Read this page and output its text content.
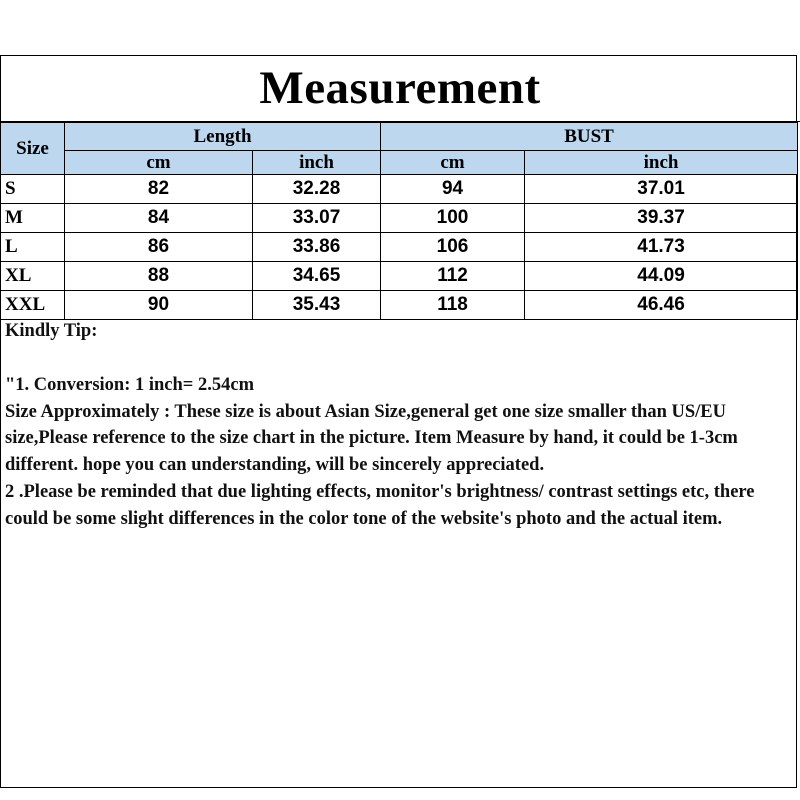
Measurement
Size	Length		BUST	
	cm	inch	cm	inch
S	82	32.28	94	37.01
M	84	33.07	100	39.37
L	86	33.86	106	41.73
XL	88	34.65	112	44.09
XXL	90	35.43	118	46.46

Kindly Tip:

"1. Conversion: 1 inch= 2.54cm

Size Approximately : These size is about Asian Size,general get one size smaller than US/EU size,Please reference to the size chart in the picture. Item Measure by hand, it could be 1-3cm different. hope you can understanding, will be sincerely appreciated.

2 .Please be reminded that due lighting effects, monitor's brightness/ contrast settings etc, there could be some slight differences in the color tone of the website's photo and the actual item.
